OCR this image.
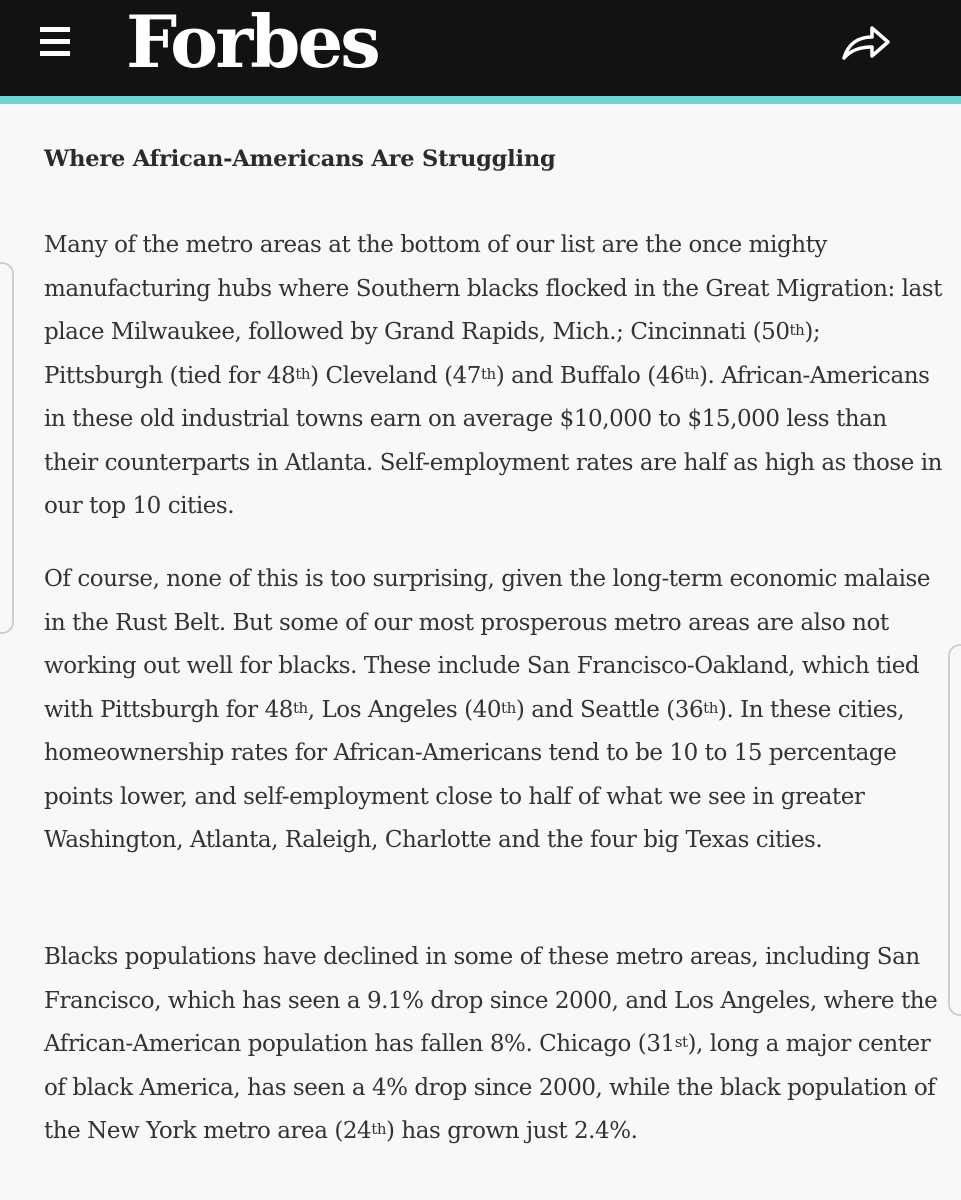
Forbes
Where African-Americans Are Struggling

Many of the metro areas at the bottom of our list are the once mighty manufacturing hubs where Southern blacks flocked in the Great Migration: last place Milwaukee, followed by Grand Rapids, Mich.; Cincinnati (50th); Pittsburgh (tied for 48th) Cleveland (47th) and Buffalo (46th). African-Americans in these old industrial towns earn on average $10,000 to $15,000 less than their counterparts in Atlanta. Self-employment rates are half as high as those in our top 10 cities.

Of course, none of this is too surprising, given the long-term economic malaise in the Rust Belt. But some of our most prosperous metro areas are also not working out well for blacks. These include San Francisco-Oakland, which tied with Pittsburgh for 48th, Los Angeles (40th) and Seattle (36th). In these cities, homeownership rates for African-Americans tend to be 10 to 15 percentage points lower, and self-employment close to half of what we see in greater Washington, Atlanta, Raleigh, Charlotte and the four big Texas cities.

Blacks populations have declined in some of these metro areas, including San Francisco, which has seen a 9.1% drop since 2000, and Los Angeles, where the African-American population has fallen 8%. Chicago (31st), long a major center of black America, has seen a 4% drop since 2000, while the black population of the New York metro area (24th) has grown just 2.4%.
